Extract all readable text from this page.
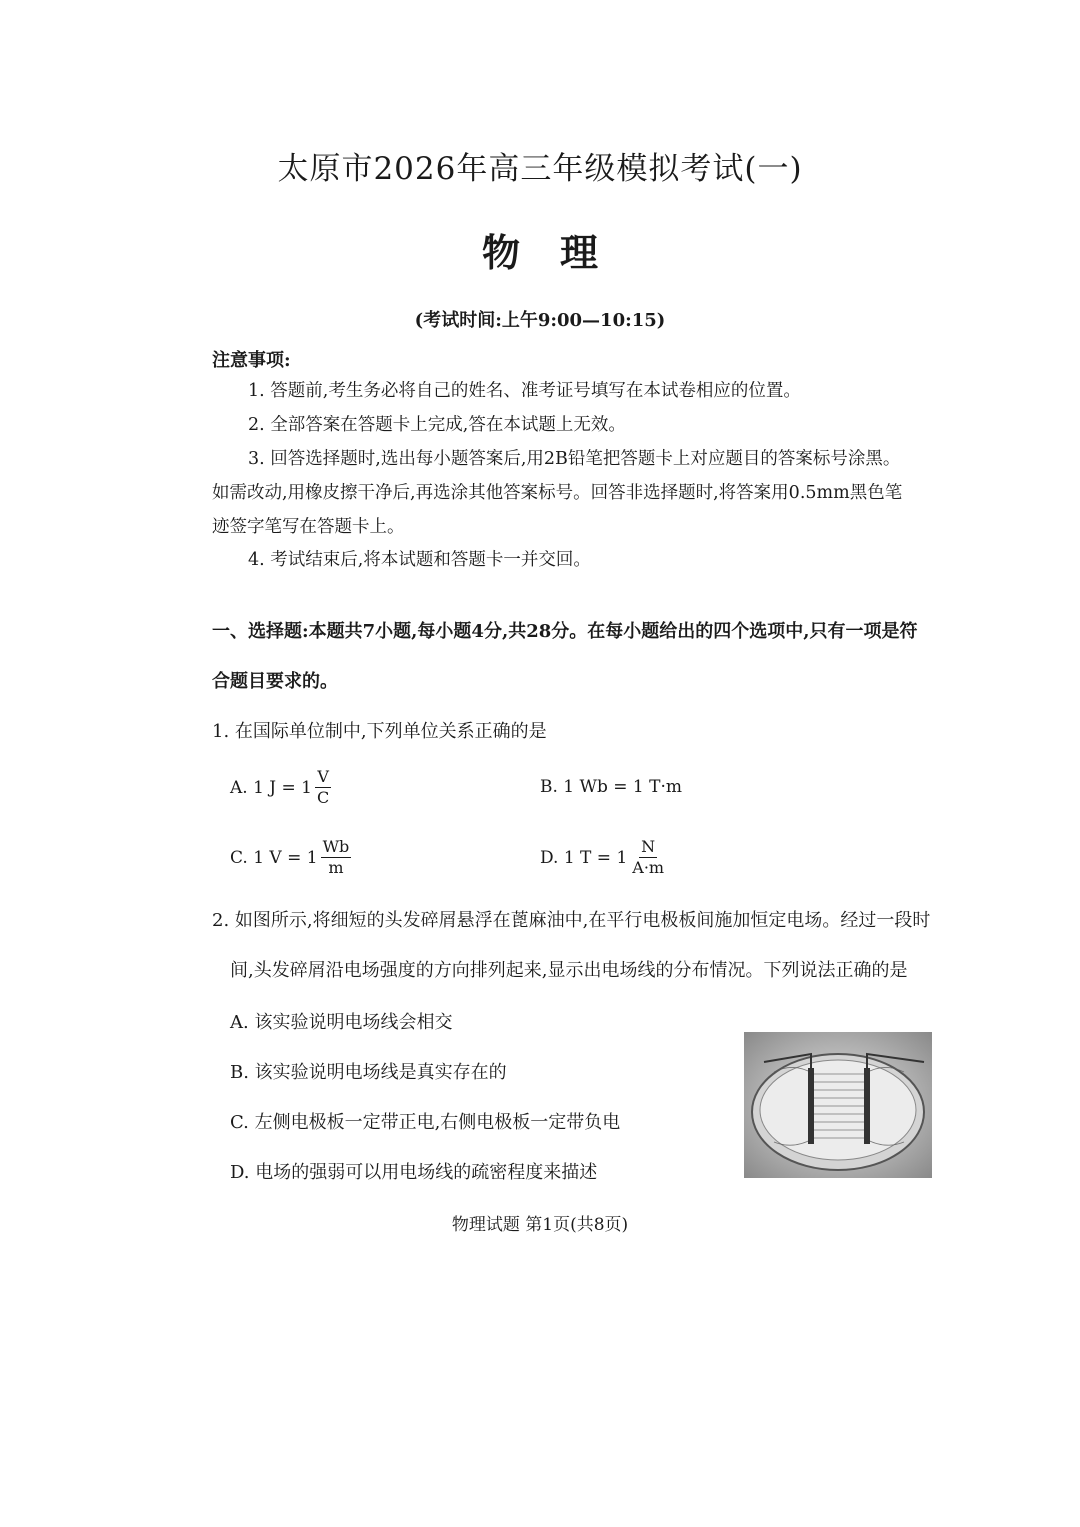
太原市2026年高三年级模拟考试(一)
物理
(考试时间:上午9:00—10:15)
注意事项:
1. 答题前,考生务必将自己的姓名、准考证号填写在本试卷相应的位置。
2. 全部答案在答题卡上完成,答在本试题上无效。
3. 回答选择题时,选出每小题答案后,用2B铅笔把答题卡上对应题目的答案标号涂黑。
如需改动,用橡皮擦干净后,再选涂其他答案标号。回答非选择题时,将答案用0.5mm黑色笔
迹签字笔写在答题卡上。
4. 考试结束后,将本试题和答题卡一并交回。
一、选择题:本题共7小题,每小题4分,共28分。在每小题给出的四个选项中,只有一项是符
合题目要求的。
1. 在国际单位制中,下列单位关系正确的是
A. 1 $J = 1 \frac{V}{C}$	B. 1 Wb = 1 T·m
C. 1 $V = 1 \frac{Wb}{m}$	D. 1 $T = 1 \frac{N}{A\cdot m}$
2. 如图所示,将细短的头发碎屑悬浮在蓖麻油中,在平行电极板间施加恒定电场。经过一段时
间,头发碎屑沿电场强度的方向排列起来,显示出电场线的分布情况。下列说法正确的是
A. 该实验说明电场线会相交
B. 该实验说明电场线是真实存在的
C. 左侧电极板一定带正电,右侧电极板一定带负电
D. 电场的强弱可以用电场线的疏密程度来描述
物理试题 第1页(共8页)
